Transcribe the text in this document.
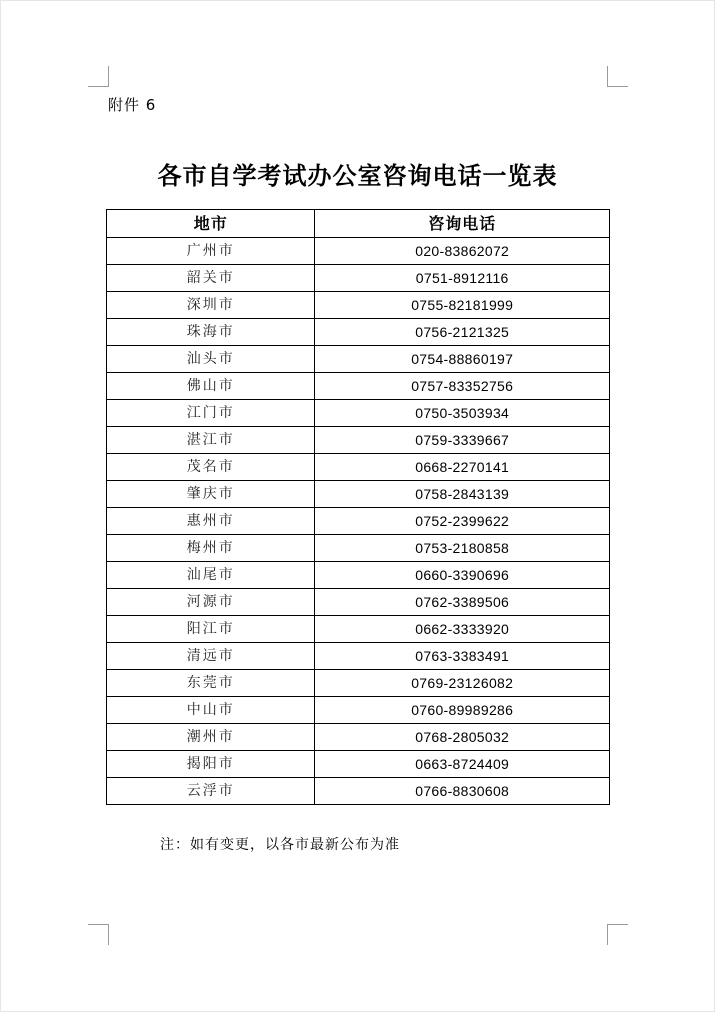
附件 6
各市自学考试办公室咨询电话一览表
地市	咨询电话
广州市	020-83862072
韶关市	0751-8912116
深圳市	0755-82181999
珠海市	0756-2121325
汕头市	0754-88860197
佛山市	0757-83352756
江门市	0750-3503934
湛江市	0759-3339667
茂名市	0668-2270141
肇庆市	0758-2843139
惠州市	0752-2399622
梅州市	0753-2180858
汕尾市	0660-3390696
河源市	0762-3389506
阳江市	0662-3333920
清远市	0763-3383491
东莞市	0769-23126082
中山市	0760-89989286
潮州市	0768-2805032
揭阳市	0663-8724409
云浮市	0766-8830608
注：如有变更，以各市最新公布为准
